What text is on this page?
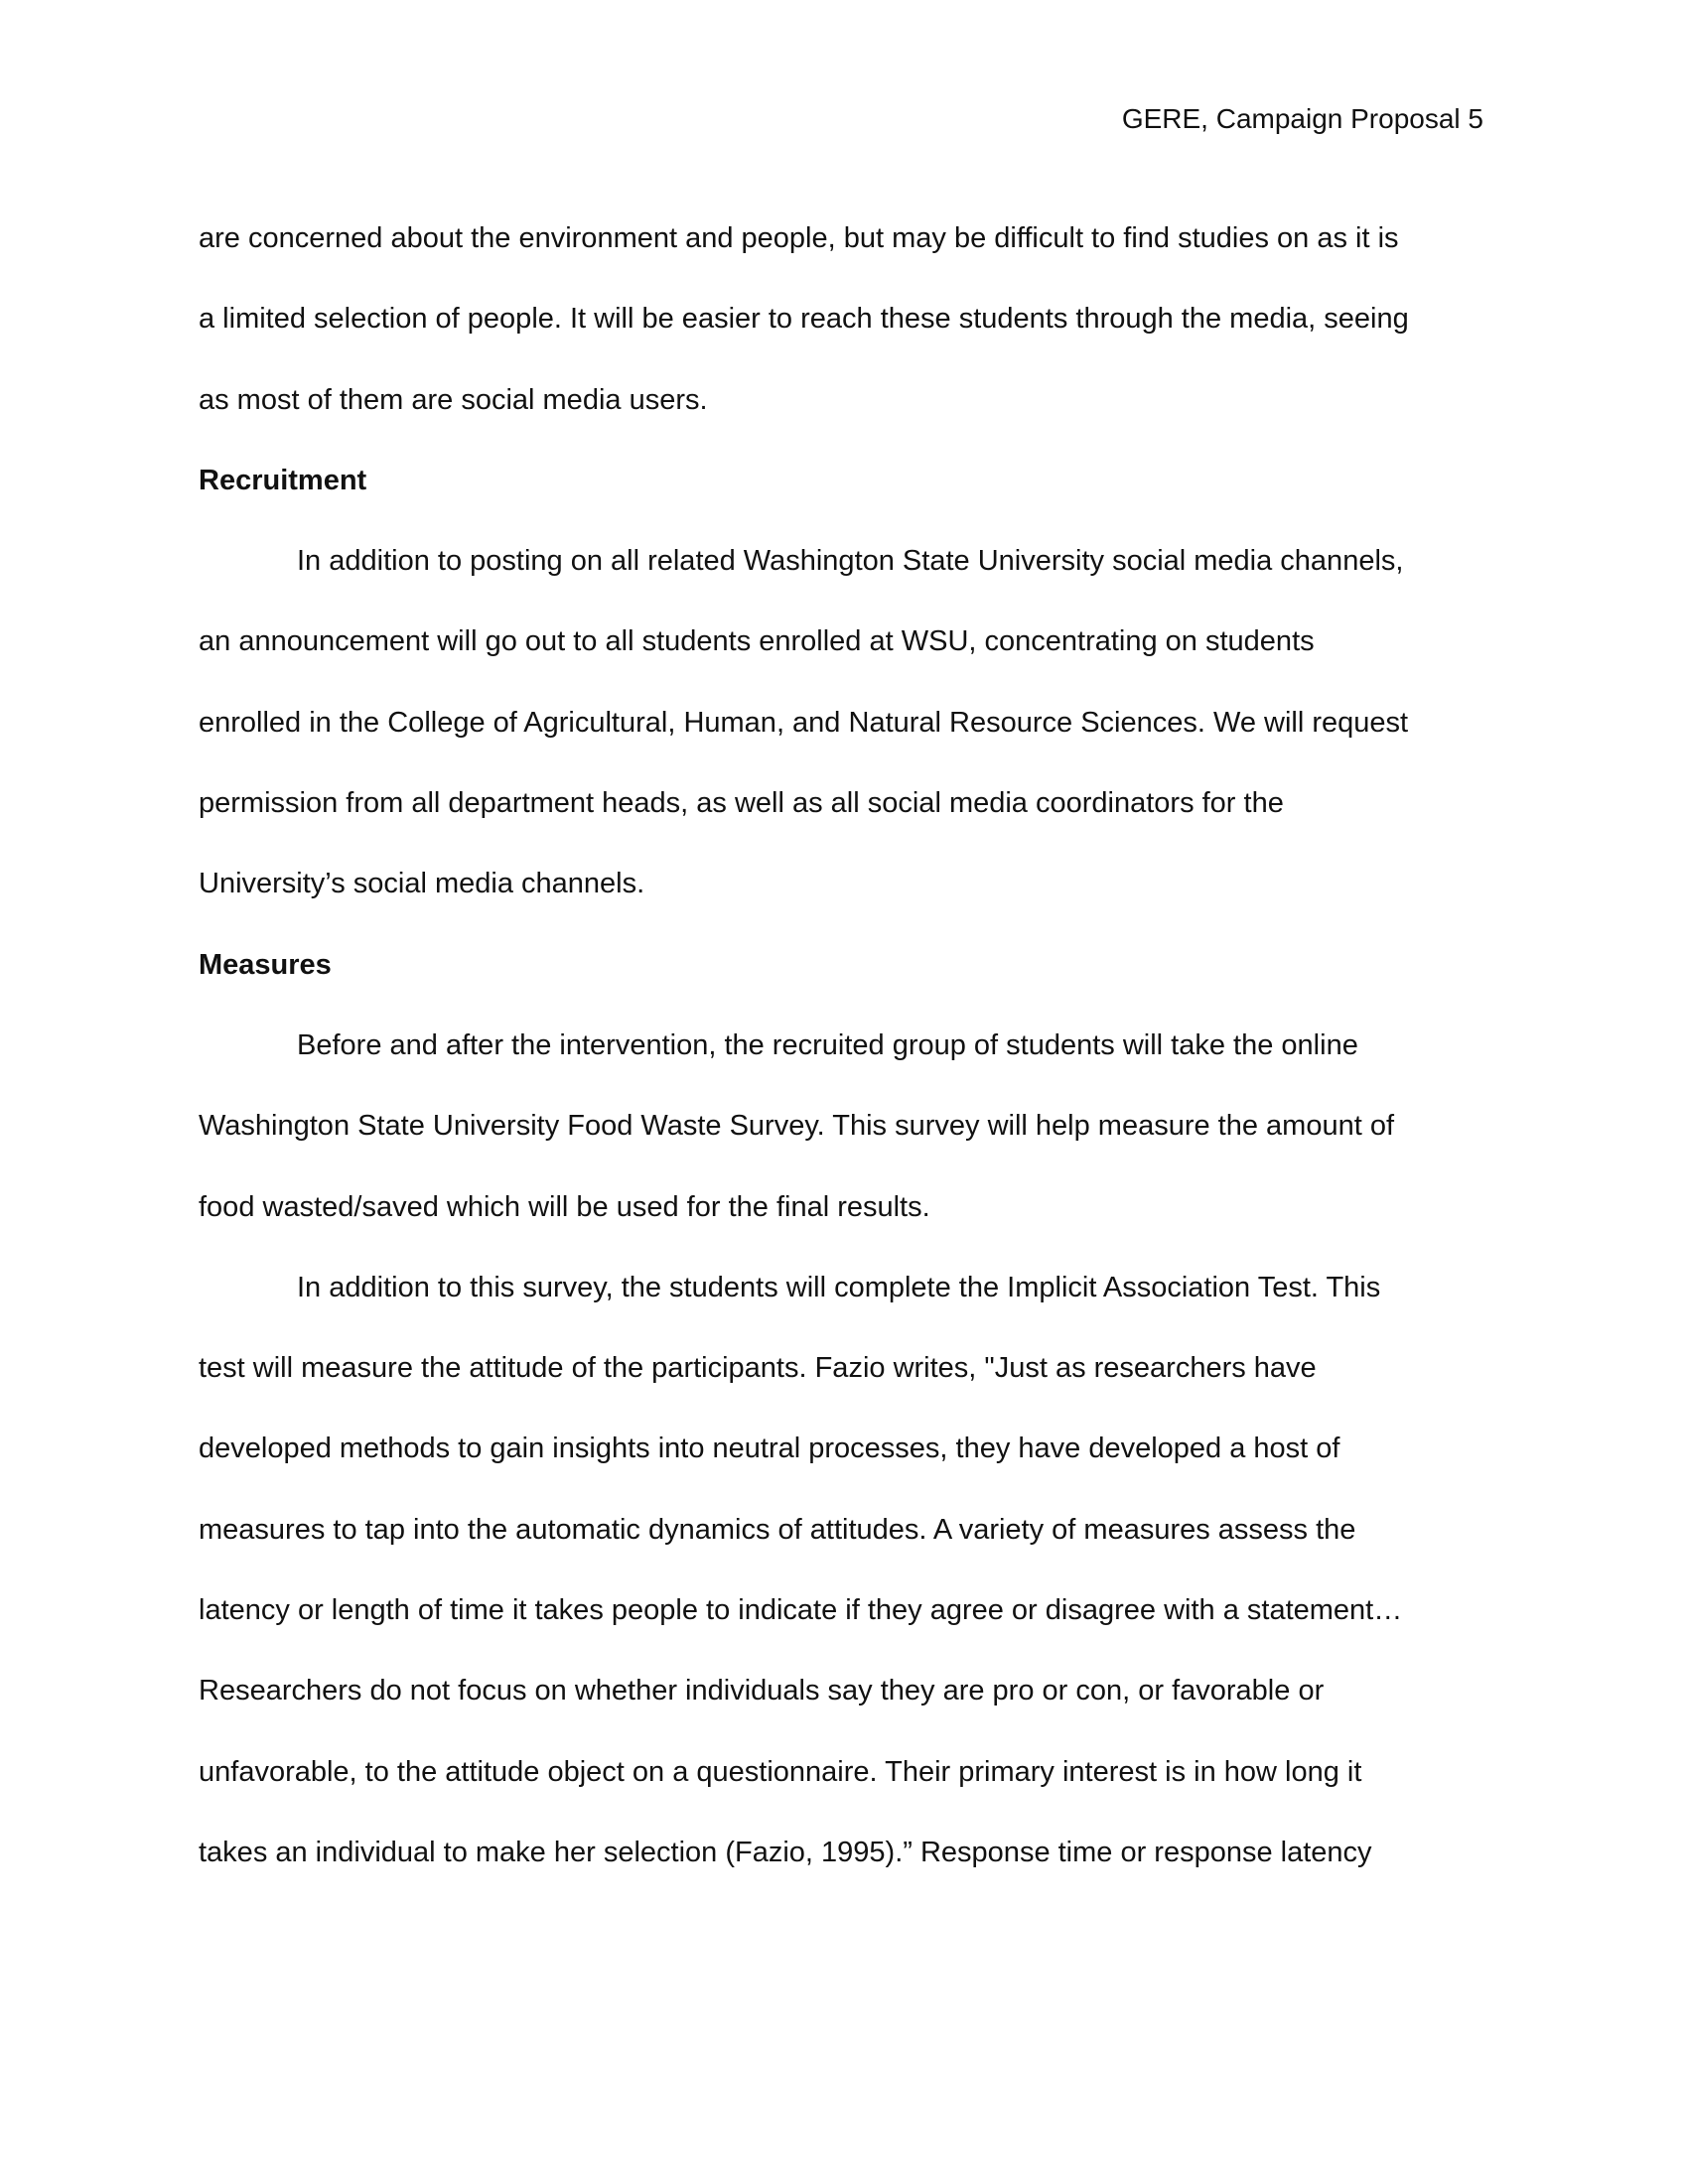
GERE, Campaign Proposal 5

are concerned about the environment and people, but may be difficult to find studies on as it is
a limited selection of people. It will be easier to reach these students through the media, seeing
as most of them are social media users.

Recruitment

In addition to posting on all related Washington State University social media channels,
an announcement will go out to all students enrolled at WSU, concentrating on students
enrolled in the College of Agricultural, Human, and Natural Resource Sciences. We will request
permission from all department heads, as well as all social media coordinators for the
University’s social media channels.

Measures

Before and after the intervention, the recruited group of students will take the online
Washington State University Food Waste Survey. This survey will help measure the amount of
food wasted/saved which will be used for the final results.

In addition to this survey, the students will complete the Implicit Association Test. This
test will measure the attitude of the participants. Fazio writes, "Just as researchers have
developed methods to gain insights into neutral processes, they have developed a host of
measures to tap into the automatic dynamics of attitudes. A variety of measures assess the
latency or length of time it takes people to indicate if they agree or disagree with a statement…
Researchers do not focus on whether individuals say they are pro or con, or favorable or
unfavorable, to the attitude object on a questionnaire. Their primary interest is in how long it
takes an individual to make her selection (Fazio, 1995).” Response time or response latency
